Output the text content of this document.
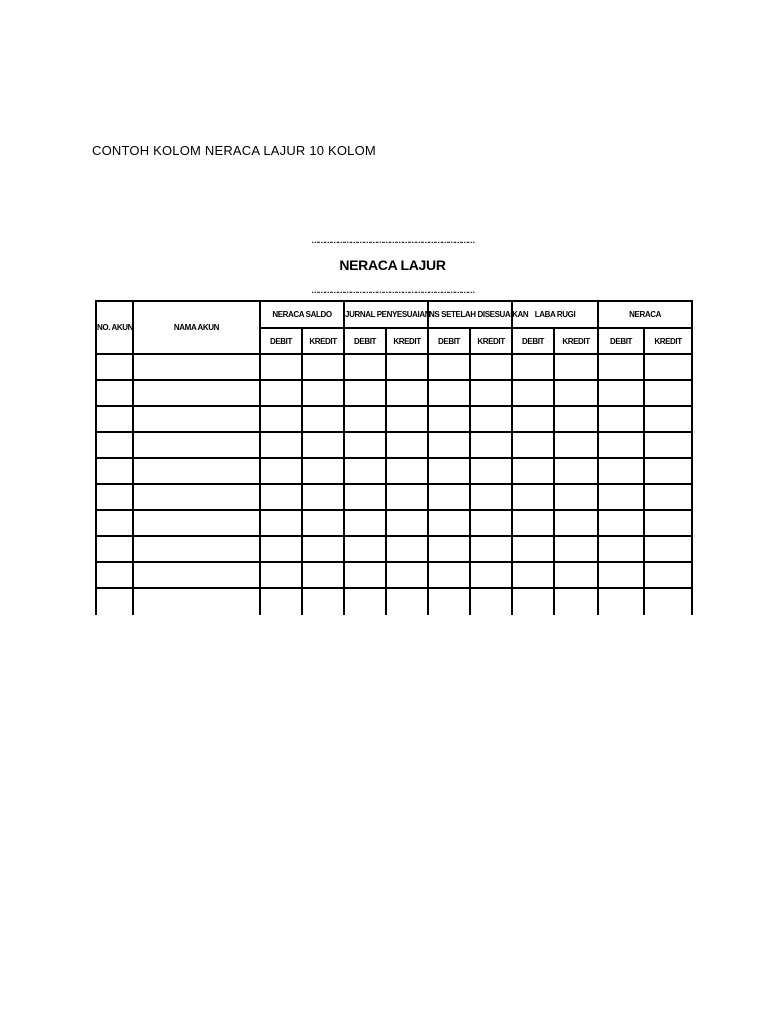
CONTOH KOLOM NERACA LAJUR 10 KOLOM
…………………………………………………………………
NERACA LAJUR
…………………………………………………………………
NO. AKUN	NAMA AKUN	NERACA SALDO		JURNAL PENYESUAIAN		NS SETELAH DISESUAIKAN		LABA RUGI		NERACA	
		DEBIT	KREDIT	DEBIT	KREDIT	DEBIT	KREDIT	DEBIT	KREDIT	DEBIT	KREDIT
